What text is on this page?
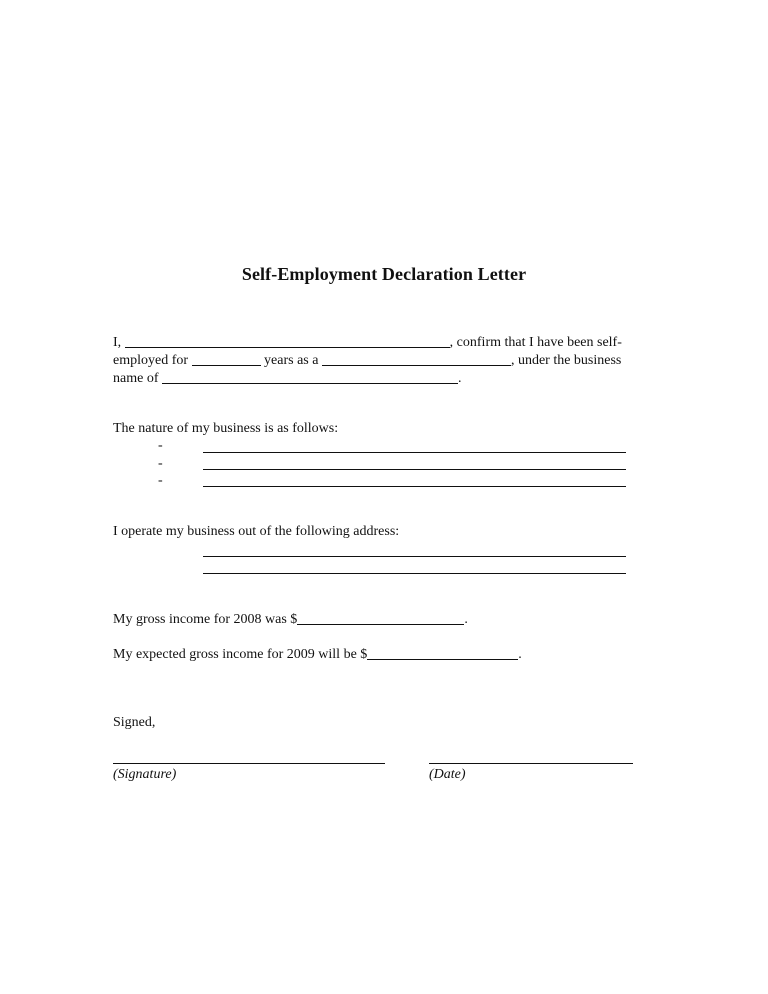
Self-Employment Declaration Letter
I,	, confirm that I have been self-
employed for	years as a	, under the business
name of	.
The nature of my business is as follows:
-
-
-
I operate my business out of the following address:
My gross income for 2008 was $	.
My expected gross income for 2009 will be $	.
Signed,
(Signature)	(Date)
